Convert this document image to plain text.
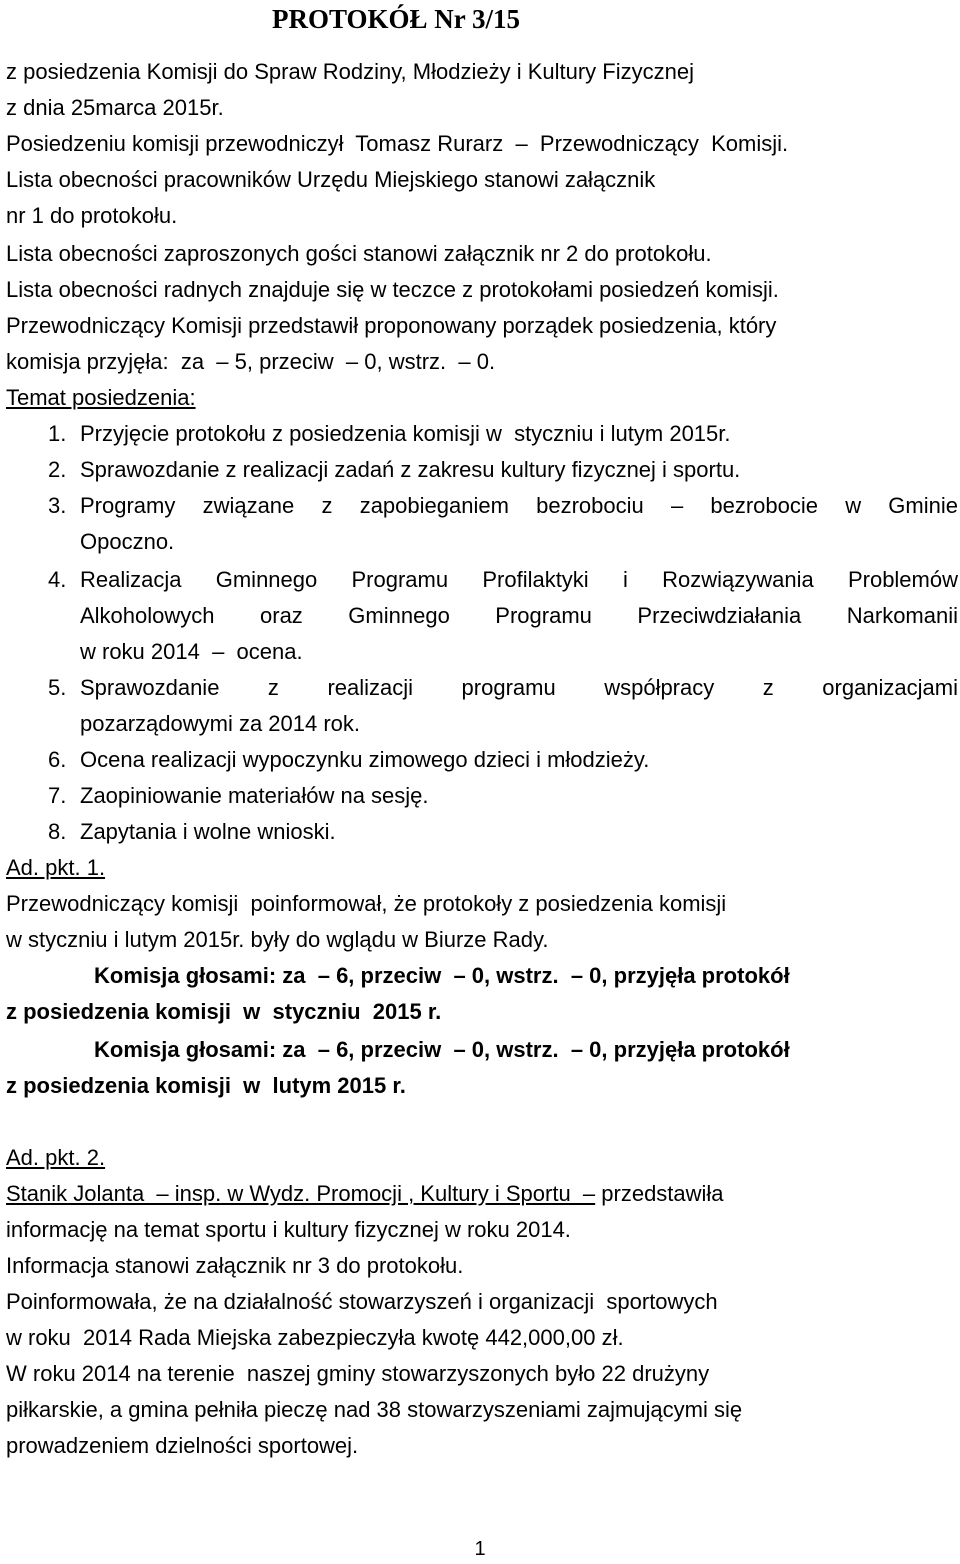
PROTOKÓŁ Nr 3/15

z posiedzenia Komisji do Spraw Rodziny, Młodzieży i Kultury Fizycznej

z dnia 25marca 2015r.

Posiedzeniu komisji przewodniczył  Tomasz Rurarz  –  Przewodniczący  Komisji.

Lista obecności pracowników Urzędu Miejskiego stanowi załącznik

nr 1 do protokołu.

Lista obecności zaproszonych gości stanowi załącznik nr 2 do protokołu.

Lista obecności radnych znajduje się w teczce z protokołami posiedzeń komisji.

Przewodniczący Komisji przedstawił proponowany porządek posiedzenia, który

komisja przyjęła:  za  – 5, przeciw  – 0, wstrz.  – 0.

Temat posiedzenia:

1. Przyjęcie protokołu z posiedzenia komisji w  styczniu i lutym 2015r.
2. Sprawozdanie z realizacji zadań z zakresu kultury fizycznej i sportu.
3. Programy związane z zapobieganiem bezrobociu – bezrobocie w Gminie
Opoczno.
4. Realizacja Gminnego Programu Profilaktyki i Rozwiązywania Problemów
Alkoholowych oraz Gminnego Programu Przeciwdziałania Narkomanii
w roku 2014  –  ocena.
5. Sprawozdanie z realizacji programu współpracy z organizacjami
pozarządowymi za 2014 rok.
6. Ocena realizacji wypoczynku zimowego dzieci i młodzieży.
7. Zaopiniowanie materiałów na sesję.
8. Zapytania i wolne wnioski.

Ad. pkt. 1.

Przewodniczący komisji  poinformował, że protokoły z posiedzenia komisji

w styczniu i lutym 2015r. były do wglądu w Biurze Rady.

Komisja głosami: za  – 6, przeciw  – 0, wstrz.  – 0, przyjęła protokół

z posiedzenia komisji  w  styczniu  2015 r.

Komisja głosami: za  – 6, przeciw  – 0, wstrz.  – 0, przyjęła protokół

z posiedzenia komisji  w  lutym 2015 r.

Ad. pkt. 2.

Stanik Jolanta  – insp. w Wydz. Promocji , Kultury i Sportu  – przedstawiła

informację na temat sportu i kultury fizycznej w roku 2014.

Informacja stanowi załącznik nr 3 do protokołu.

Poinformowała, że na działalność stowarzyszeń i organizacji  sportowych

w roku  2014 Rada Miejska zabezpieczyła kwotę 442,000,00 zł.

W roku 2014 na terenie  naszej gminy stowarzyszonych było 22 drużyny

piłkarskie, a gmina pełniła pieczę nad 38 stowarzyszeniami zajmującymi się

prowadzeniem dzielności sportowej.

1
